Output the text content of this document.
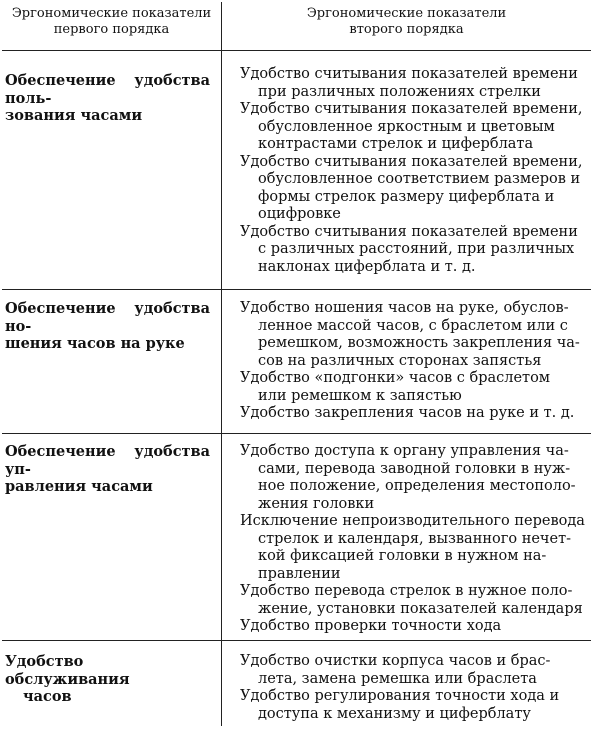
Эргономические показатели
первого порядка
Эргономические показатели
второго порядка
Обеспечение удобства поль-
зования часами

Удобство считывания показателей времени

при различных положениях стрелки

Удобство считывания показателей времени,

обусловленное яркостным и цветовым

контрастами стрелок и циферблата

Удобство считывания показателей времени,

обусловленное соответствием размеров и

формы стрелок размеру циферблата и

оцифровке

Удобство считывания показателей времени

с различных расстояний, при различных

наклонах циферблата и т. д.

Обеспечение удобства но-
шения часов на руке

Удобство ношения часов на руке, обуслов-

ленное массой часов, с браслетом или с

ремешком, возможность закрепления ча-

сов на различных сторонах запястья

Удобство «подгонки» часов с браслетом

или ремешком к запястью

Удобство закрепления часов на руке и т. д.

Обеспечение удобства уп-
равления часами

Удобство доступа к органу управления ча-

сами, перевода заводной головки в нуж-

ное положение, определения местополо-

жения головки

Исключение непроизводительного перевода

стрелок и календаря, вызванного нечет-

кой фиксацией головки в нужном на-

правлении

Удобство перевода стрелок в нужное поло-

жение, установки показателей календаря

Удобство проверки точности хода

Удобство обслуживания
часов

Удобство очистки корпуса часов и брас-

лета, замена ремешка или браслета

Удобство регулирования точности хода и

доступа к механизму и циферблату
